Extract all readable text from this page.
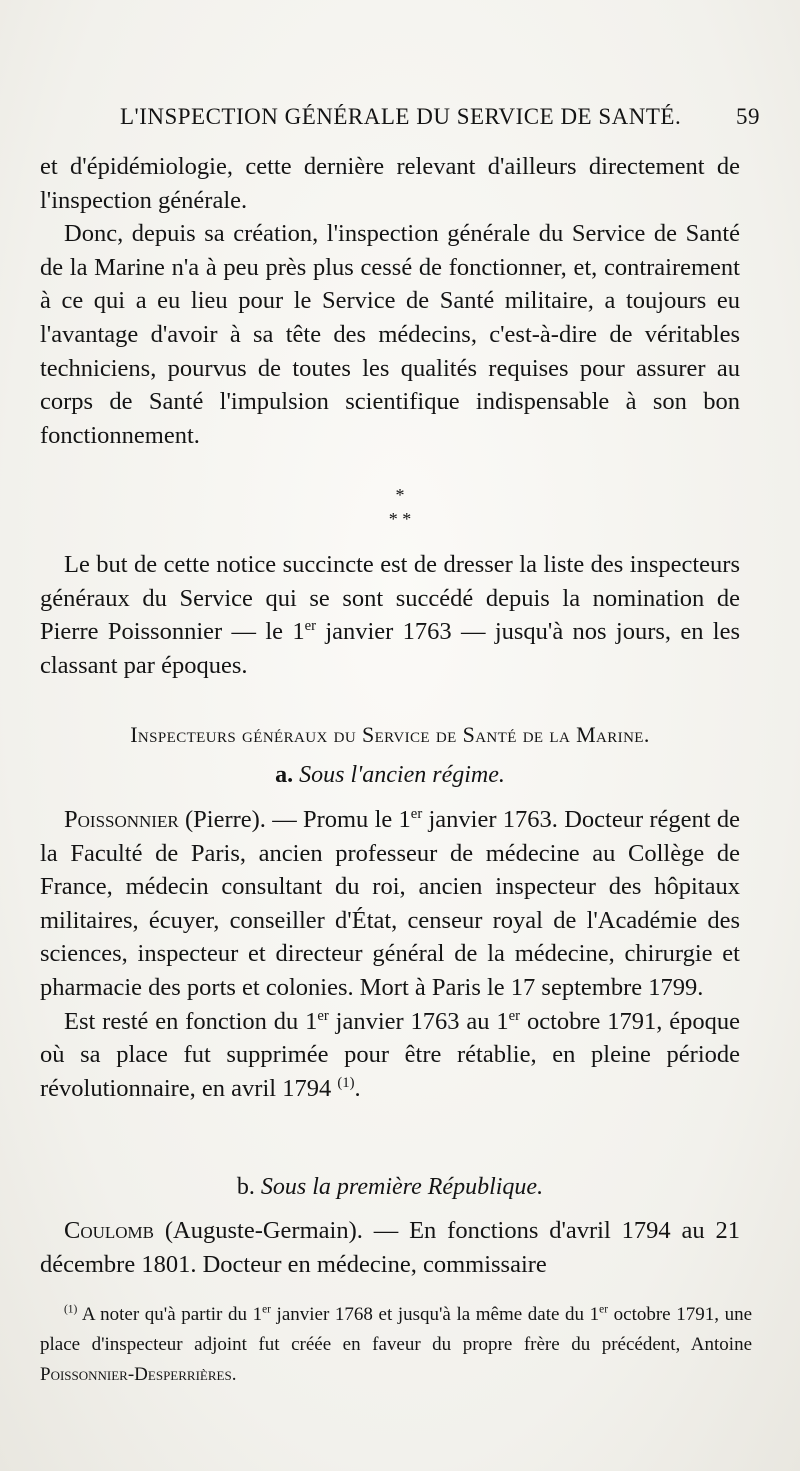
L'INSPECTION GÉNÉRALE DU SERVICE DE SANTÉ. 59

et d'épidémiologie, cette dernière relevant d'ailleurs directement de l'inspection générale.

Donc, depuis sa création, l'inspection générale du Service de Santé de la Marine n'a à peu près plus cessé de fonctionner, et, contrairement à ce qui a eu lieu pour le Service de Santé militaire, a toujours eu l'avantage d'avoir à sa tête des médecins, c'est-à-dire de véritables techniciens, pourvus de toutes les qualités requises pour assurer au corps de Santé l'impulsion scientifique indispensable à son bon fonctionnement.

*
* *

Le but de cette notice succincte est de dresser la liste des inspecteurs généraux du Service qui se sont succédé depuis la nomination de Pierre Poissonnier — le 1er janvier 1763 — jusqu'à nos jours, en les classant par époques.

Inspecteurs généraux du Service de Santé de la Marine.
a. Sous l'ancien régime.

Poissonnier (Pierre). — Promu le 1er janvier 1763. Docteur régent de la Faculté de Paris, ancien professeur de médecine au Collège de France, médecin consultant du roi, ancien inspecteur des hôpitaux militaires, écuyer, conseiller d'État, censeur royal de l'Académie des sciences, inspecteur et directeur général de la médecine, chirurgie et pharmacie des ports et colonies. Mort à Paris le 17 septembre 1799.

Est resté en fonction du 1er janvier 1763 au 1er octobre 1791, époque où sa place fut supprimée pour être rétablie, en pleine période révolutionnaire, en avril 1794 $^{(1)}$.

b. Sous la première République.

Coulomb (Auguste-Germain). — En fonctions d'avril 1794 au 21 décembre 1801. Docteur en médecine, commissaire

$^{(1)}$ A noter qu'à partir du 1er janvier 1768 et jusqu'à la même date du 1er octobre 1791, une place d'inspecteur adjoint fut créée en faveur du propre frère du précédent, Antoine Poissonnier-Desperrières.
